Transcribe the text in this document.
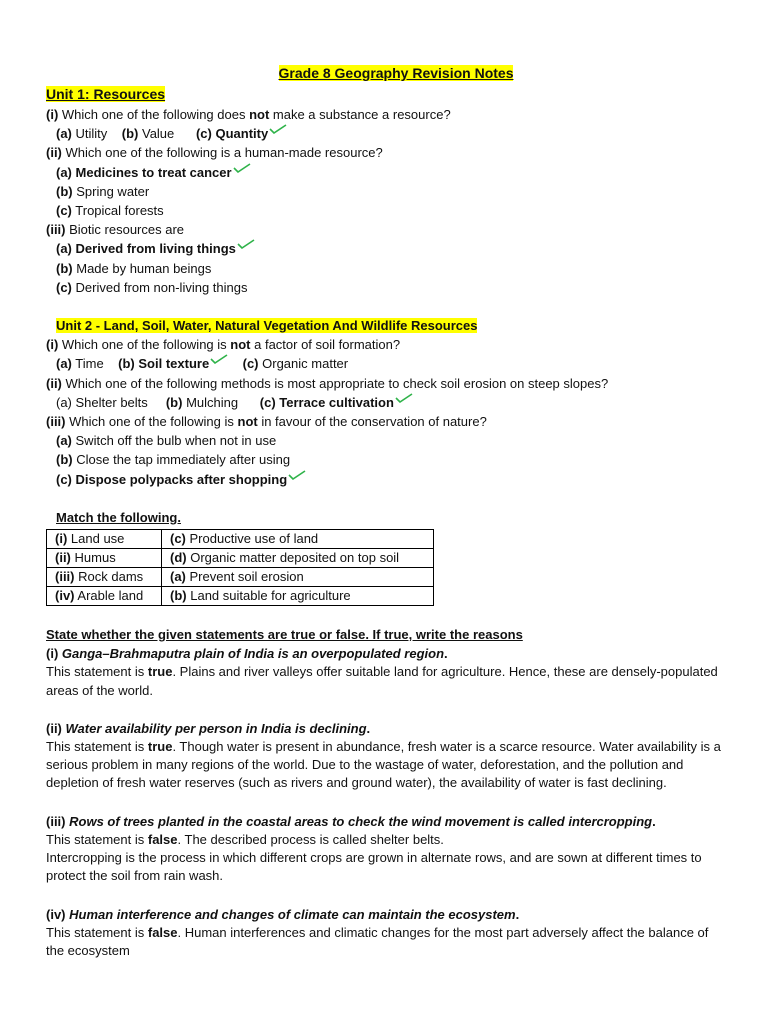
Grade 8 Geography Revision Notes
Unit 1: Resources
(i) Which one of the following does not make a substance a resource?
(a) Utility (b) Value (c) Quantity
(ii) Which one of the following is a human-made resource?
(a) Medicines to treat cancer
(b) Spring water
(c) Tropical forests
(iii) Biotic resources are
(a) Derived from living things
(b) Made by human beings
(c) Derived from non-living things
Unit 2 - Land, Soil, Water, Natural Vegetation And Wildlife Resources
(i) Which one of the following is not a factor of soil formation?
(a) Time (b) Soil texture	(c) Organic matter
(ii) Which one of the following methods is most appropriate to check soil erosion on steep slopes?
(a) Shelter belts (b) Mulching (c) Terrace cultivation
(iii) Which one of the following is not in favour of the conservation of nature?
(a) Switch off the bulb when not in use
(b) Close the tap immediately after using
(c) Dispose polypacks after shopping
Match the following.
(i) Land use	(c) Productive use of land
(ii) Humus	(d) Organic matter deposited on top soil
(iii) Rock dams	(a) Prevent soil erosion
(iv) Arable land	(b) Land suitable for agriculture
State whether the given statements are true or false. If true, write the reasons
(i) Ganga–Brahmaputra plain of India is an overpopulated region.
This statement is true. Plains and river valleys offer suitable land for agriculture. Hence, these are densely-populated areas of the world.
(ii) Water availability per person in India is declining.
This statement is true. Though water is present in abundance, fresh water is a scarce resource. Water availability is a serious problem in many regions of the world. Due to the wastage of water, deforestation, and the pollution and depletion of fresh water reserves (such as rivers and ground water), the availability of water is fast declining.
(iii) Rows of trees planted in the coastal areas to check the wind movement is called intercropping.
This statement is false. The described process is called shelter belts.
Intercropping is the process in which different crops are grown in alternate rows, and are sown at different times to protect the soil from rain wash.
(iv) Human interference and changes of climate can maintain the ecosystem.
This statement is false. Human interferences and climatic changes for the most part adversely affect the balance of the ecosystem
